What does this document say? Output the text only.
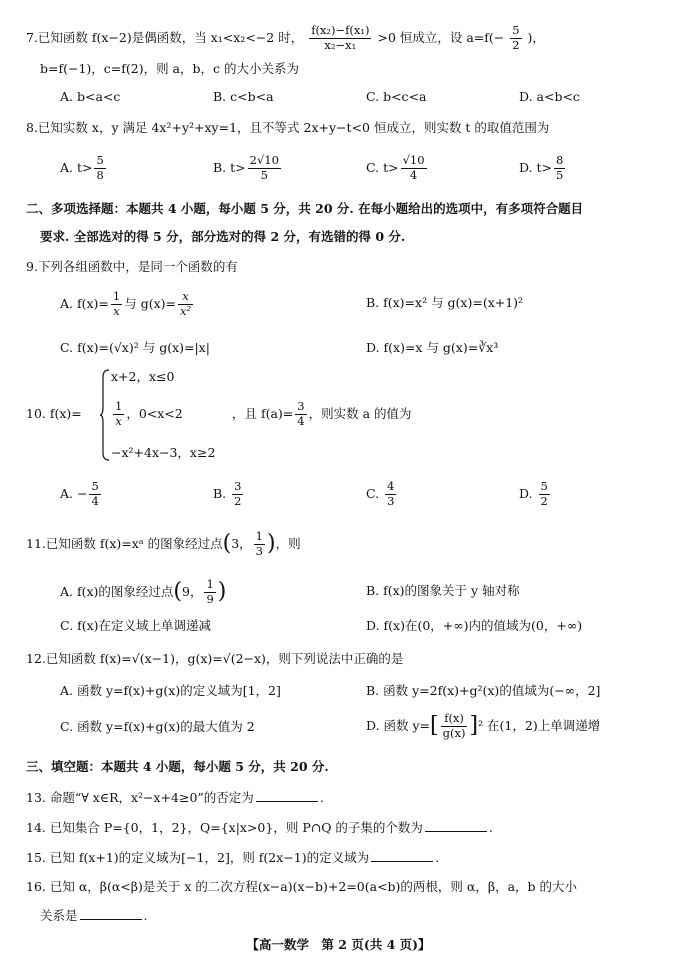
7.已知函数 f(x−2)是偶函数，当 x₁<x₂<−2 时， $\frac{\text{f(x₂)−f(x₁)}}{\text{x₂−x₁}} >0$ 恒成立，设 $a=f(- \frac{5}{2}$ )，
b=f(−1)，c=f(2)，则 a，b，c 的大小关系为
A. b<a<c	B. c<b<a	C. b<c<a	D. a<b<c
8.已知实数 x，y 满足 4x²+y²+xy=1，且不等式 2x+y−t<0 恒成立，则实数 t 的取值范围为
A. $t> \frac{5}{8}$	B. $t> \frac{2√10}{5}$	C. $t> \frac{√10}{4}$	D. $t> \frac{8}{5}$
二、多项选择题：本题共 4 小题，每小题 5 分，共 20 分. 在每小题给出的选项中，有多项符合题目
要求. 全部选对的得 5 分，部分选对的得 2 分，有选错的得 0 分.
9.下列各组函数中，是同一个函数的有
A. $f(x)= \frac{1}{x}$ 与 $g(x)= \frac{x}{\text{x²}}$	B. f(x)=x² 与 g(x)=(x+1)²
C. f(x)=(√x)² 与 g(x)=|x|	D. f(x)=x 与 g(x)=∛x³
10. f(x)=
x+2，x≤0
$\frac{1}{x}$ ，0<x<2
−x²+4x−3，x≥2
，且 $f(a)= \frac{3}{4}$ ，则实数 a 的值为
A. − $\frac{5}{4}$	B. $\frac{3}{2}$	C. $\frac{4}{3}$	D. $\frac{5}{2}$
11.已知函数 f(x)=xᵃ 的图象经过点(3， $\frac{1}{3}$ )，则
A. f(x)的图象经过点(9， $\frac{1}{9}$ )	B. f(x)的图象关于 y 轴对称
C. f(x)在定义域上单调递减	D. f(x)在(0，+∞)内的值域为(0，+∞)
12.已知函数 f(x)=√(x−1)，g(x)=√(2−x)，则下列说法中正确的是
A. 函数 y=f(x)+g(x)的定义域为[1，2]	B. 函数 y=2f(x)+g²(x)的值域为(−∞，2]
C. 函数 y=f(x)+g(x)的最大值为 2	D. 函数 $y=[ \frac{f(x)}{g(x)} ]^2$ 在(1，2)上单调递增
三、填空题：本题共 4 小题，每小题 5 分，共 20 分.
13. 命题“∀ x∈R，x²−x+4≥0”的否定为	.
14. 已知集合 P={0，1，2}，Q={x|x>0}，则 P∩Q 的子集的个数为	.
15. 已知 f(x+1)的定义域为[−1，2]，则 f(2x−1)的定义域为	.
16. 已知 α，β(α<β)是关于 x 的二次方程(x−a)(x−b)+2=0(a<b)的两根，则 α，β，a，b 的大小
关系是	.
【高一数学　第 2 页(共 4 页)】
